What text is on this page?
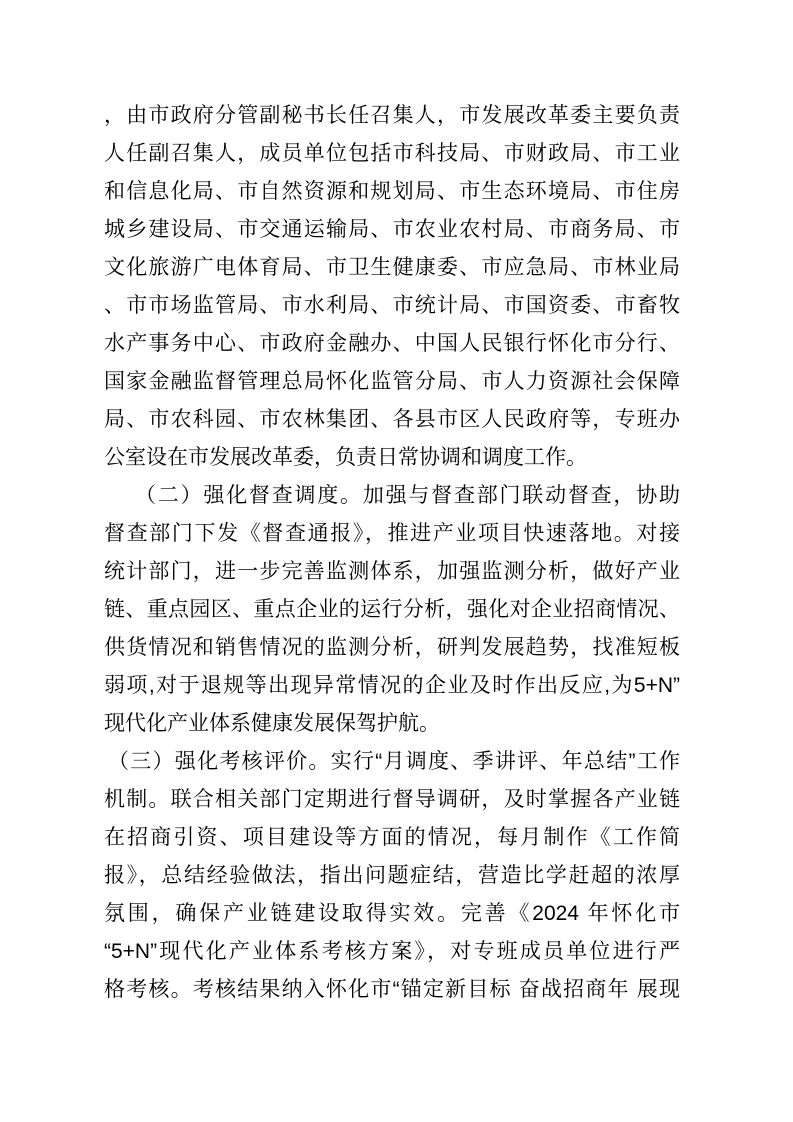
，由市政府分管副秘书长任召集人，市发展改革委主要负责
人任副召集人，成员单位包括市科技局、市财政局、市工业
和信息化局、市自然资源和规划局、市生态环境局、市住房
城乡建设局、市交通运输局、市农业农村局、市商务局、市
文化旅游广电体育局、市卫生健康委、市应急局、市林业局
、市市场监管局、市水利局、市统计局、市国资委、市畜牧
水产事务中心、市政府金融办、中国人民银行怀化市分行、
国家金融监督管理总局怀化监管分局、市人力资源社会保障
局、市农科园、市农林集团、各县市区人民政府等，专班办
公室设在市发展改革委，负责日常协调和调度工作。
（二）强化督查调度。加强与督查部门联动督查，协助
督查部门下发《督查通报》，推进产业项目快速落地。对接
统计部门，进一步完善监测体系，加强监测分析，做好产业
链、重点园区、重点企业的运行分析，强化对企业招商情况、
供货情况和销售情况的监测分析，研判发展趋势，找准短板
弱项,对于退规等出现异常情况的企业及时作出反应,为5+N”
现代化产业体系健康发展保驾护航。
（三）强化考核评价。实行“月调度、季讲评、年总结”工作
机制。联合相关部门定期进行督导调研，及时掌握各产业链
在招商引资、项目建设等方面的情况，每月制作《工作简
报》，总结经验做法，指出问题症结，营造比学赶超的浓厚
氛围，确保产业链建设取得实效。完善《2024 年怀化市
“5+N”现代化产业体系考核方案》，对专班成员单位进行严
格考核。考核结果纳入怀化市“锚定新目标 奋战招商年 展现
